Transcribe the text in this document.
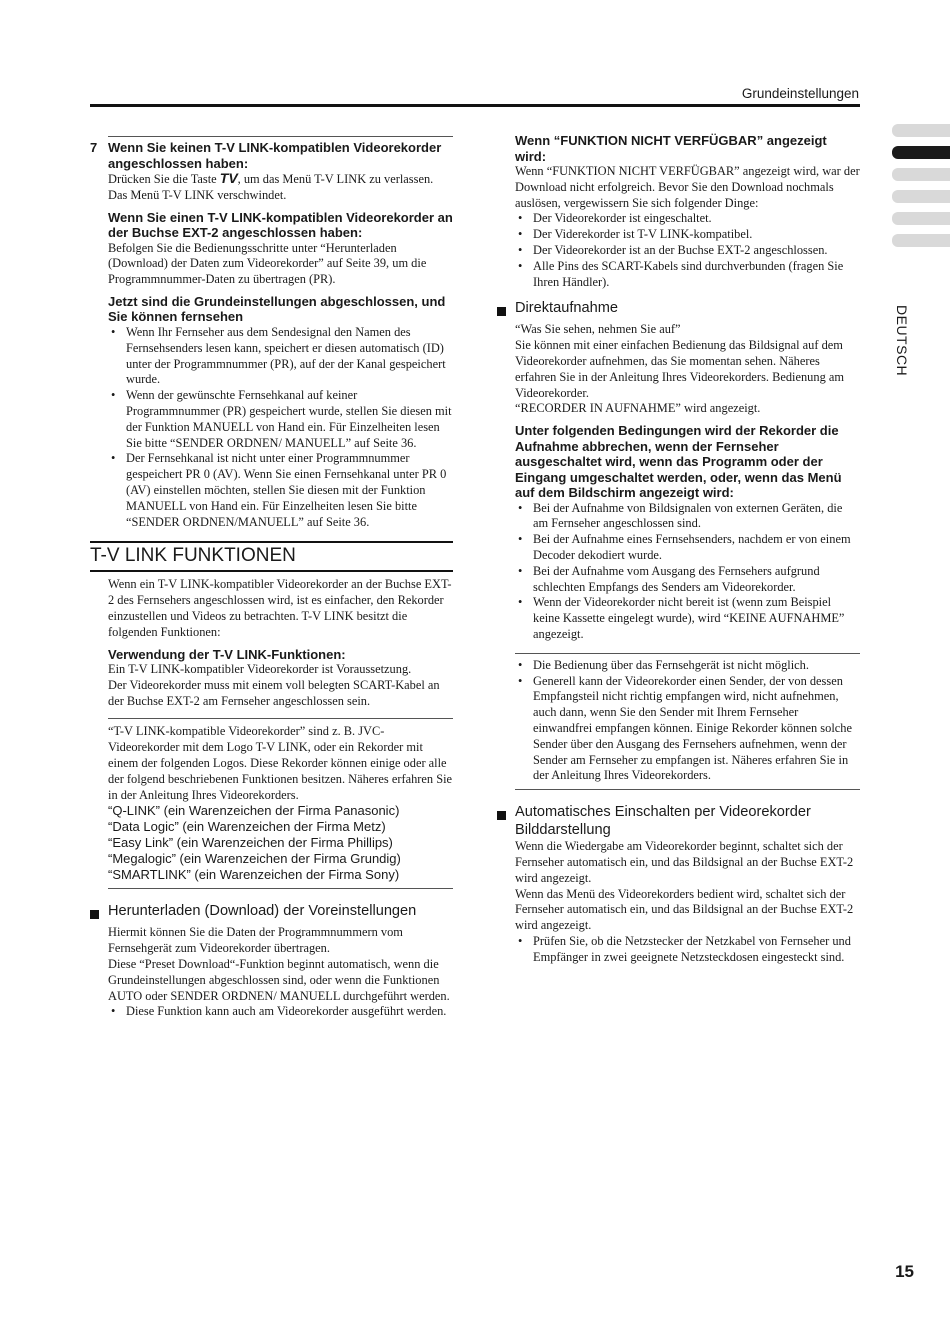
Grundeinstellungen
DEUTSCH
7 Wenn Sie keinen T-V LINK-kompatiblen Videorekorder angeschlossen haben:
Drücken Sie die Taste TV, um das Menü T-V LINK zu verlassen.
Das Menü T-V LINK verschwindet.
Wenn Sie einen T-V LINK-kompatiblen Videorekorder an der Buchse EXT-2 angeschlossen haben:
Befolgen Sie die Bedienungsschritte unter “Herunterladen (Download) der Daten zum Videorekorder” auf Seite 39, um die Programmnummer-Daten zu übertragen (PR).
Jetzt sind die Grundeinstellungen abgeschlossen, und Sie können fernsehen
• Wenn Ihr Fernseher aus dem Sendesignal den Namen des Fernsehsenders lesen kann, speichert er diesen automatisch (ID) unter der Programmnummer (PR), auf der der Kanal gespeichert wurde.
• Wenn der gewünschte Fernsehkanal auf keiner Programmnummer (PR) gespeichert wurde, stellen Sie diesen mit der Funktion MANUELL von Hand ein. Für Einzelheiten lesen Sie bitte “SENDER ORDNEN/ MANUELL” auf Seite 36.
• Der Fernsehkanal ist nicht unter einer Programmnummer gespeichert PR 0 (AV). Wenn Sie einen Fernsehkanal unter PR 0 (AV) einstellen möchten, stellen Sie diesen mit der Funktion MANUELL von Hand ein. Für Einzelheiten lesen Sie bitte “SENDER ORDNEN/MANUELL” auf Seite 36.
T-V LINK FUNKTIONEN
Wenn ein T-V LINK-kompatibler Videorekorder an der Buchse EXT-2 des Fernsehers angeschlossen wird, ist es einfacher, den Rekorder einzustellen und Videos zu betrachten. T-V LINK besitzt die folgenden Funktionen:
Verwendung der T-V LINK-Funktionen:
Ein T-V LINK-kompatibler Videorekorder ist Voraussetzung.
Der Videorekorder muss mit einem voll belegten SCART-Kabel an der Buchse EXT-2 am Fernseher angeschlossen sein.
“T-V LINK-kompatible Videorekorder” sind z. B. JVC-Videorekorder mit dem Logo T-V LINK, oder ein Rekorder mit einem der folgenden Logos. Diese Rekorder können einige oder alle der folgend beschriebenen Funktionen besitzen. Näheres erfahren Sie in der Anleitung Ihres Videorekorders.
“Q-LINK” (ein Warenzeichen der Firma Panasonic)
“Data Logic” (ein Warenzeichen der Firma Metz)
“Easy Link” (ein Warenzeichen der Firma Phillips)
“Megalogic” (ein Warenzeichen der Firma Grundig)
“SMARTLINK” (ein Warenzeichen der Firma Sony)
Herunterladen (Download) der Voreinstellungen
Hiermit können Sie die Daten der Programmnummern vom Fernsehgerät zum Videorekorder übertragen.
Diese “Preset Download“-Funktion beginnt automatisch, wenn die Grundeinstellungen abgeschlossen sind, oder wenn die Funktionen AUTO oder SENDER ORDNEN/ MANUELL durchgeführt werden.
• Diese Funktion kann auch am Videorekorder ausgeführt werden.
Wenn “FUNKTION NICHT VERFÜGBAR” angezeigt wird:
Wenn “FUNKTION NICHT VERFÜGBAR” angezeigt wird, war der Download nicht erfolgreich. Bevor Sie den Download nochmals auslösen, vergewissern Sie sich folgender Dinge:
• Der Videorekorder ist eingeschaltet.
• Der Viderekorder ist T-V LINK-kompatibel.
• Der Videorekorder ist an der Buchse EXT-2 angeschlossen.
• Alle Pins des SCART-Kabels sind durchverbunden (fragen Sie Ihren Händler).
Direktaufnahme
“Was Sie sehen, nehmen Sie auf”
Sie können mit einer einfachen Bedienung das Bildsignal auf dem Videorekorder aufnehmen, das Sie momentan sehen. Näheres erfahren Sie in der Anleitung Ihres Videorekorders. Bedienung am Videorekorder.
“RECORDER IN AUFNAHME” wird angezeigt.
Unter folgenden Bedingungen wird der Rekorder die Aufnahme abbrechen, wenn der Fernseher ausgeschaltet wird, wenn das Programm oder der Eingang umgeschaltet werden, oder, wenn das Menü auf dem Bildschirm angezeigt wird:
• Bei der Aufnahme von Bildsignalen von externen Geräten, die am Fernseher angeschlossen sind.
• Bei der Aufnahme eines Fernsehsenders, nachdem er von einem Decoder dekodiert wurde.
• Bei der Aufnahme vom Ausgang des Fernsehers aufgrund schlechten Empfangs des Senders am Videorekorder.
• Wenn der Videorekorder nicht bereit ist (wenn zum Beispiel keine Kassette eingelegt wurde), wird “KEINE AUFNAHME” angezeigt.
• Die Bedienung über das Fernsehgerät ist nicht möglich.
• Generell kann der Videorekorder einen Sender, der von dessen Empfangsteil nicht richtig empfangen wird, nicht aufnehmen, auch dann, wenn Sie den Sender mit Ihrem Fernseher einwandfrei empfangen können. Einige Rekorder können solche Sender über den Ausgang des Fernsehers aufnehmen, wenn der Sender am Fernseher zu empfangen ist. Näheres erfahren Sie in der Anleitung Ihres Videorekorders.
Automatisches Einschalten per Videorekorder Bilddarstellung
Wenn die Wiedergabe am Videorekorder beginnt, schaltet sich der Fernseher automatisch ein, und das Bildsignal an der Buchse EXT-2 wird angezeigt.
Wenn das Menü des Videorekorders bedient wird, schaltet sich der Fernseher automatisch ein, und das Bildsignal an der Buchse EXT-2 wird angezeigt.
• Prüfen Sie, ob die Netzstecker der Netzkabel von Fernseher und Empfänger in zwei geeignete Netzsteckdosen eingesteckt sind.
15
